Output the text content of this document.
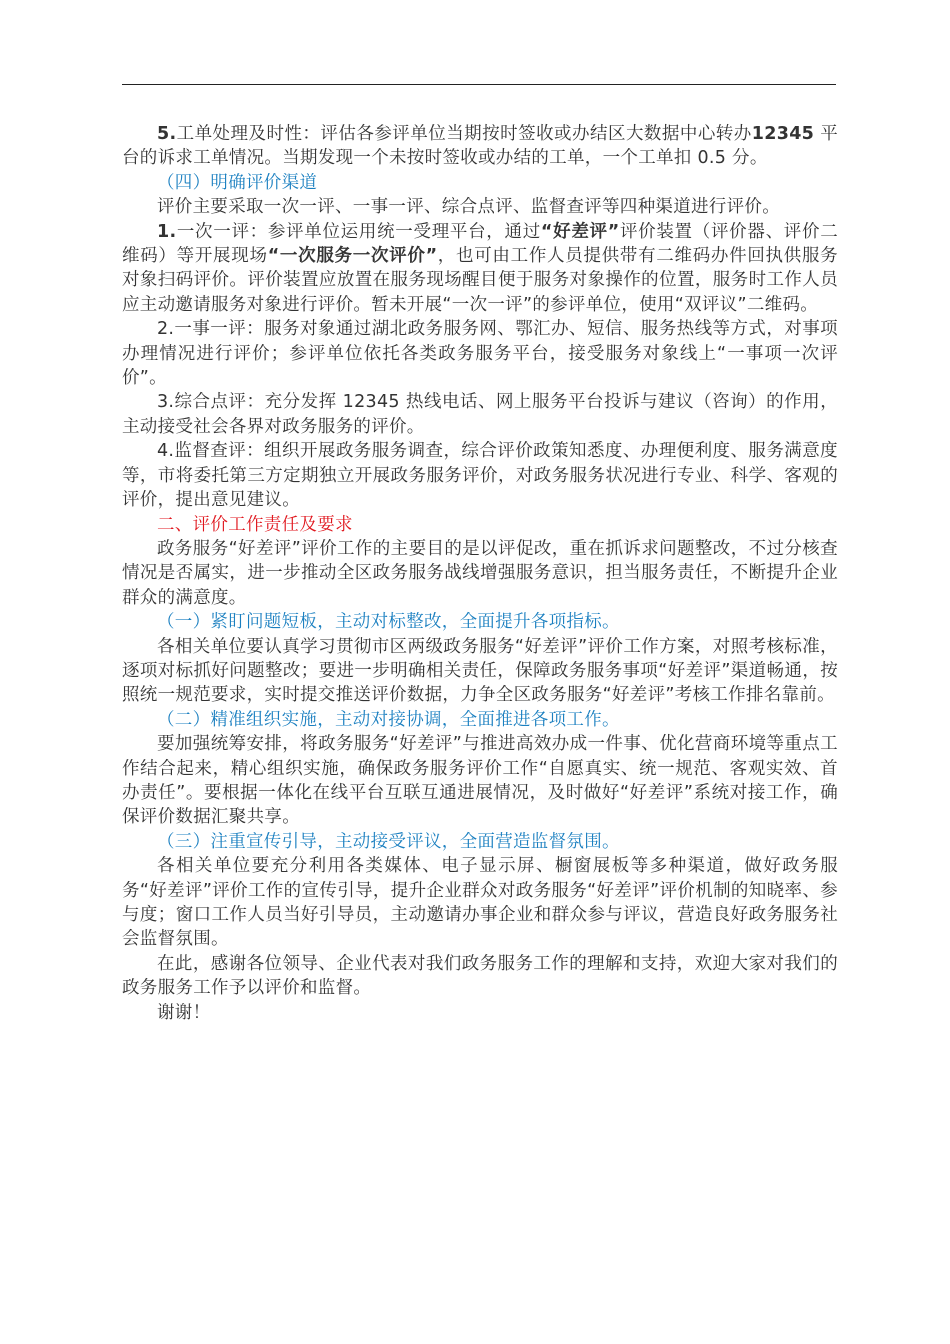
5.工单处理及时性：评估各参评单位当期按时签收或办结区大数据中心转办12345 平台的诉求工单情况。当期发现一个未按时签收或办结的工单，一个工单扣 0.5 分。

（四）明确评价渠道

评价主要采取一次一评、一事一评、综合点评、监督查评等四种渠道进行评价。

1.一次一评：参评单位运用统一受理平台，通过“好差评”评价装置（评价器、评价二维码）等开展现场“一次服务一次评价”，也可由工作人员提供带有二维码办件回执供服务对象扫码评价。评价装置应放置在服务现场醒目便于服务对象操作的位置，服务时工作人员应主动邀请服务对象进行评价。暂未开展“一次一评”的参评单位，使用“双评议”二维码。

2.一事一评：服务对象通过湖北政务服务网、鄂汇办、短信、服务热线等方式，对事项办理情况进行评价；参评单位依托各类政务服务平台，接受服务对象线上“一事项一次评价”。

3.综合点评：充分发挥 12345 热线电话、网上服务平台投诉与建议（咨询）的作用，主动接受社会各界对政务服务的评价。

4.监督查评：组织开展政务服务调查，综合评价政策知悉度、办理便利度、服务满意度等，市将委托第三方定期独立开展政务服务评价，对政务服务状况进行专业、科学、客观的评价，提出意见建议。

二、评价工作责任及要求

政务服务“好差评”评价工作的主要目的是以评促改，重在抓诉求问题整改，不过分核查情况是否属实，进一步推动全区政务服务战线增强服务意识，担当服务责任，不断提升企业群众的满意度。

（一）紧盯问题短板，主动对标整改，全面提升各项指标。

各相关单位要认真学习贯彻市区两级政务服务“好差评”评价工作方案，对照考核标准，逐项对标抓好问题整改；要进一步明确相关责任，保障政务服务事项“好差评”渠道畅通，按照统一规范要求，实时提交推送评价数据，力争全区政务服务“好差评”考核工作排名靠前。

（二）精准组织实施，主动对接协调，全面推进各项工作。

要加强统筹安排，将政务服务“好差评”与推进高效办成一件事、优化营商环境等重点工作结合起来，精心组织实施，确保政务服务评价工作“自愿真实、统一规范、客观实效、首办责任”。要根据一体化在线平台互联互通进展情况，及时做好“好差评”系统对接工作，确保评价数据汇聚共享。

（三）注重宣传引导，主动接受评议，全面营造监督氛围。

各相关单位要充分利用各类媒体、电子显示屏、橱窗展板等多种渠道，做好政务服务“好差评”评价工作的宣传引导，提升企业群众对政务服务“好差评”评价机制的知晓率、参与度；窗口工作人员当好引导员，主动邀请办事企业和群众参与评议，营造良好政务服务社会监督氛围。

在此，感谢各位领导、企业代表对我们政务服务工作的理解和支持，欢迎大家对我们的政务服务工作予以评价和监督。

谢谢！
